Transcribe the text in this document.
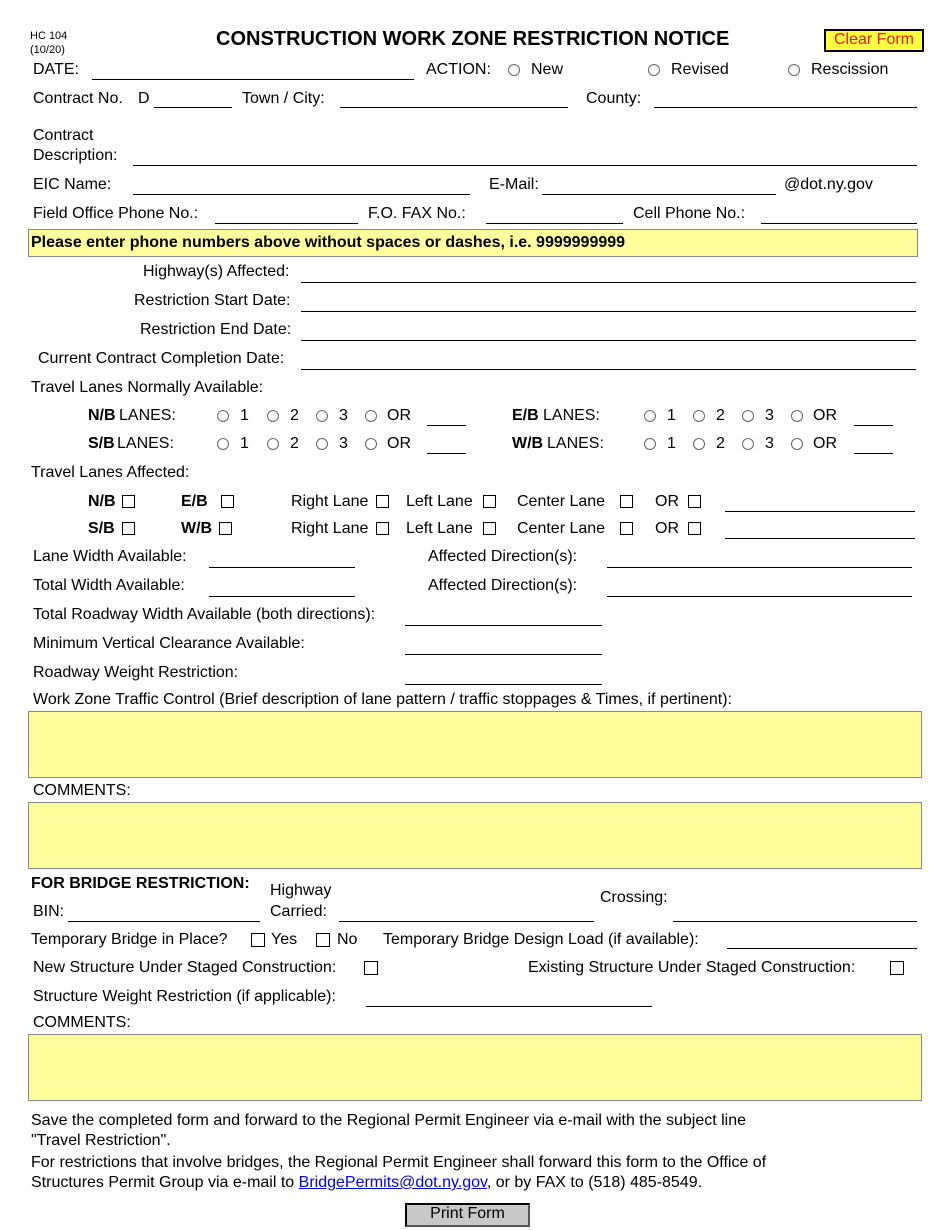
HC 104
(10/20)	CONSTRUCTION WORK ZONE RESTRICTION NOTICE	Clear Form
DATE:	ACTION:	New	Revised	Rescission
Contract No. D	Town / City:	County:
Contract
Description:
EIC Name:	E-Mail:	@dot.ny.gov
Field Office Phone No.:	F.O. FAX No.:	Cell Phone No.:
Please enter phone numbers above without spaces or dashes, i.e. 9999999999
Highway(s) Affected:
Restriction Start Date:
Restriction End Date:
Current Contract Completion Date:
Travel Lanes Normally Available:
N/B LANES:	1	2	3 OR	E/B LANES:	1	2	3 OR
S/B LANES:	1	2	3 OR	W/B LANES:	1	2	3 OR
Travel Lanes Affected:
N/B	E/B	Right Lane Left Lane	Center Lane	OR
S/B	W/B	Right Lane Left Lane	Center Lane	OR
Lane Width Available:	Affected Direction(s):
Total Width Available:	Affected Direction(s):
Total Roadway Width Available (both directions):
Minimum Vertical Clearance Available:
Roadway Weight Restriction:
Work Zone Traffic Control (Brief description of lane pattern / traffic stoppages & Times, if pertinent):
COMMENTS:
FOR BRIDGE RESTRICTION: Highway
Carried:
Crossing:
BIN:
Temporary Bridge in Place?	Yes No Temporary Bridge Design Load (if available):
New Structure Under Staged Construction:	Existing Structure Under Staged Construction:
Structure Weight Restriction (if applicable):
COMMENTS:
Save the completed form and forward to the Regional Permit Engineer via e-mail with the subject line
"Travel Restriction".
For restrictions that involve bridges, the Regional Permit Engineer shall forward this form to the Office of
Structures Permit Group via e-mail to BridgePermits@dot.ny.gov, or by FAX to (518) 485-8549.
Print Form
